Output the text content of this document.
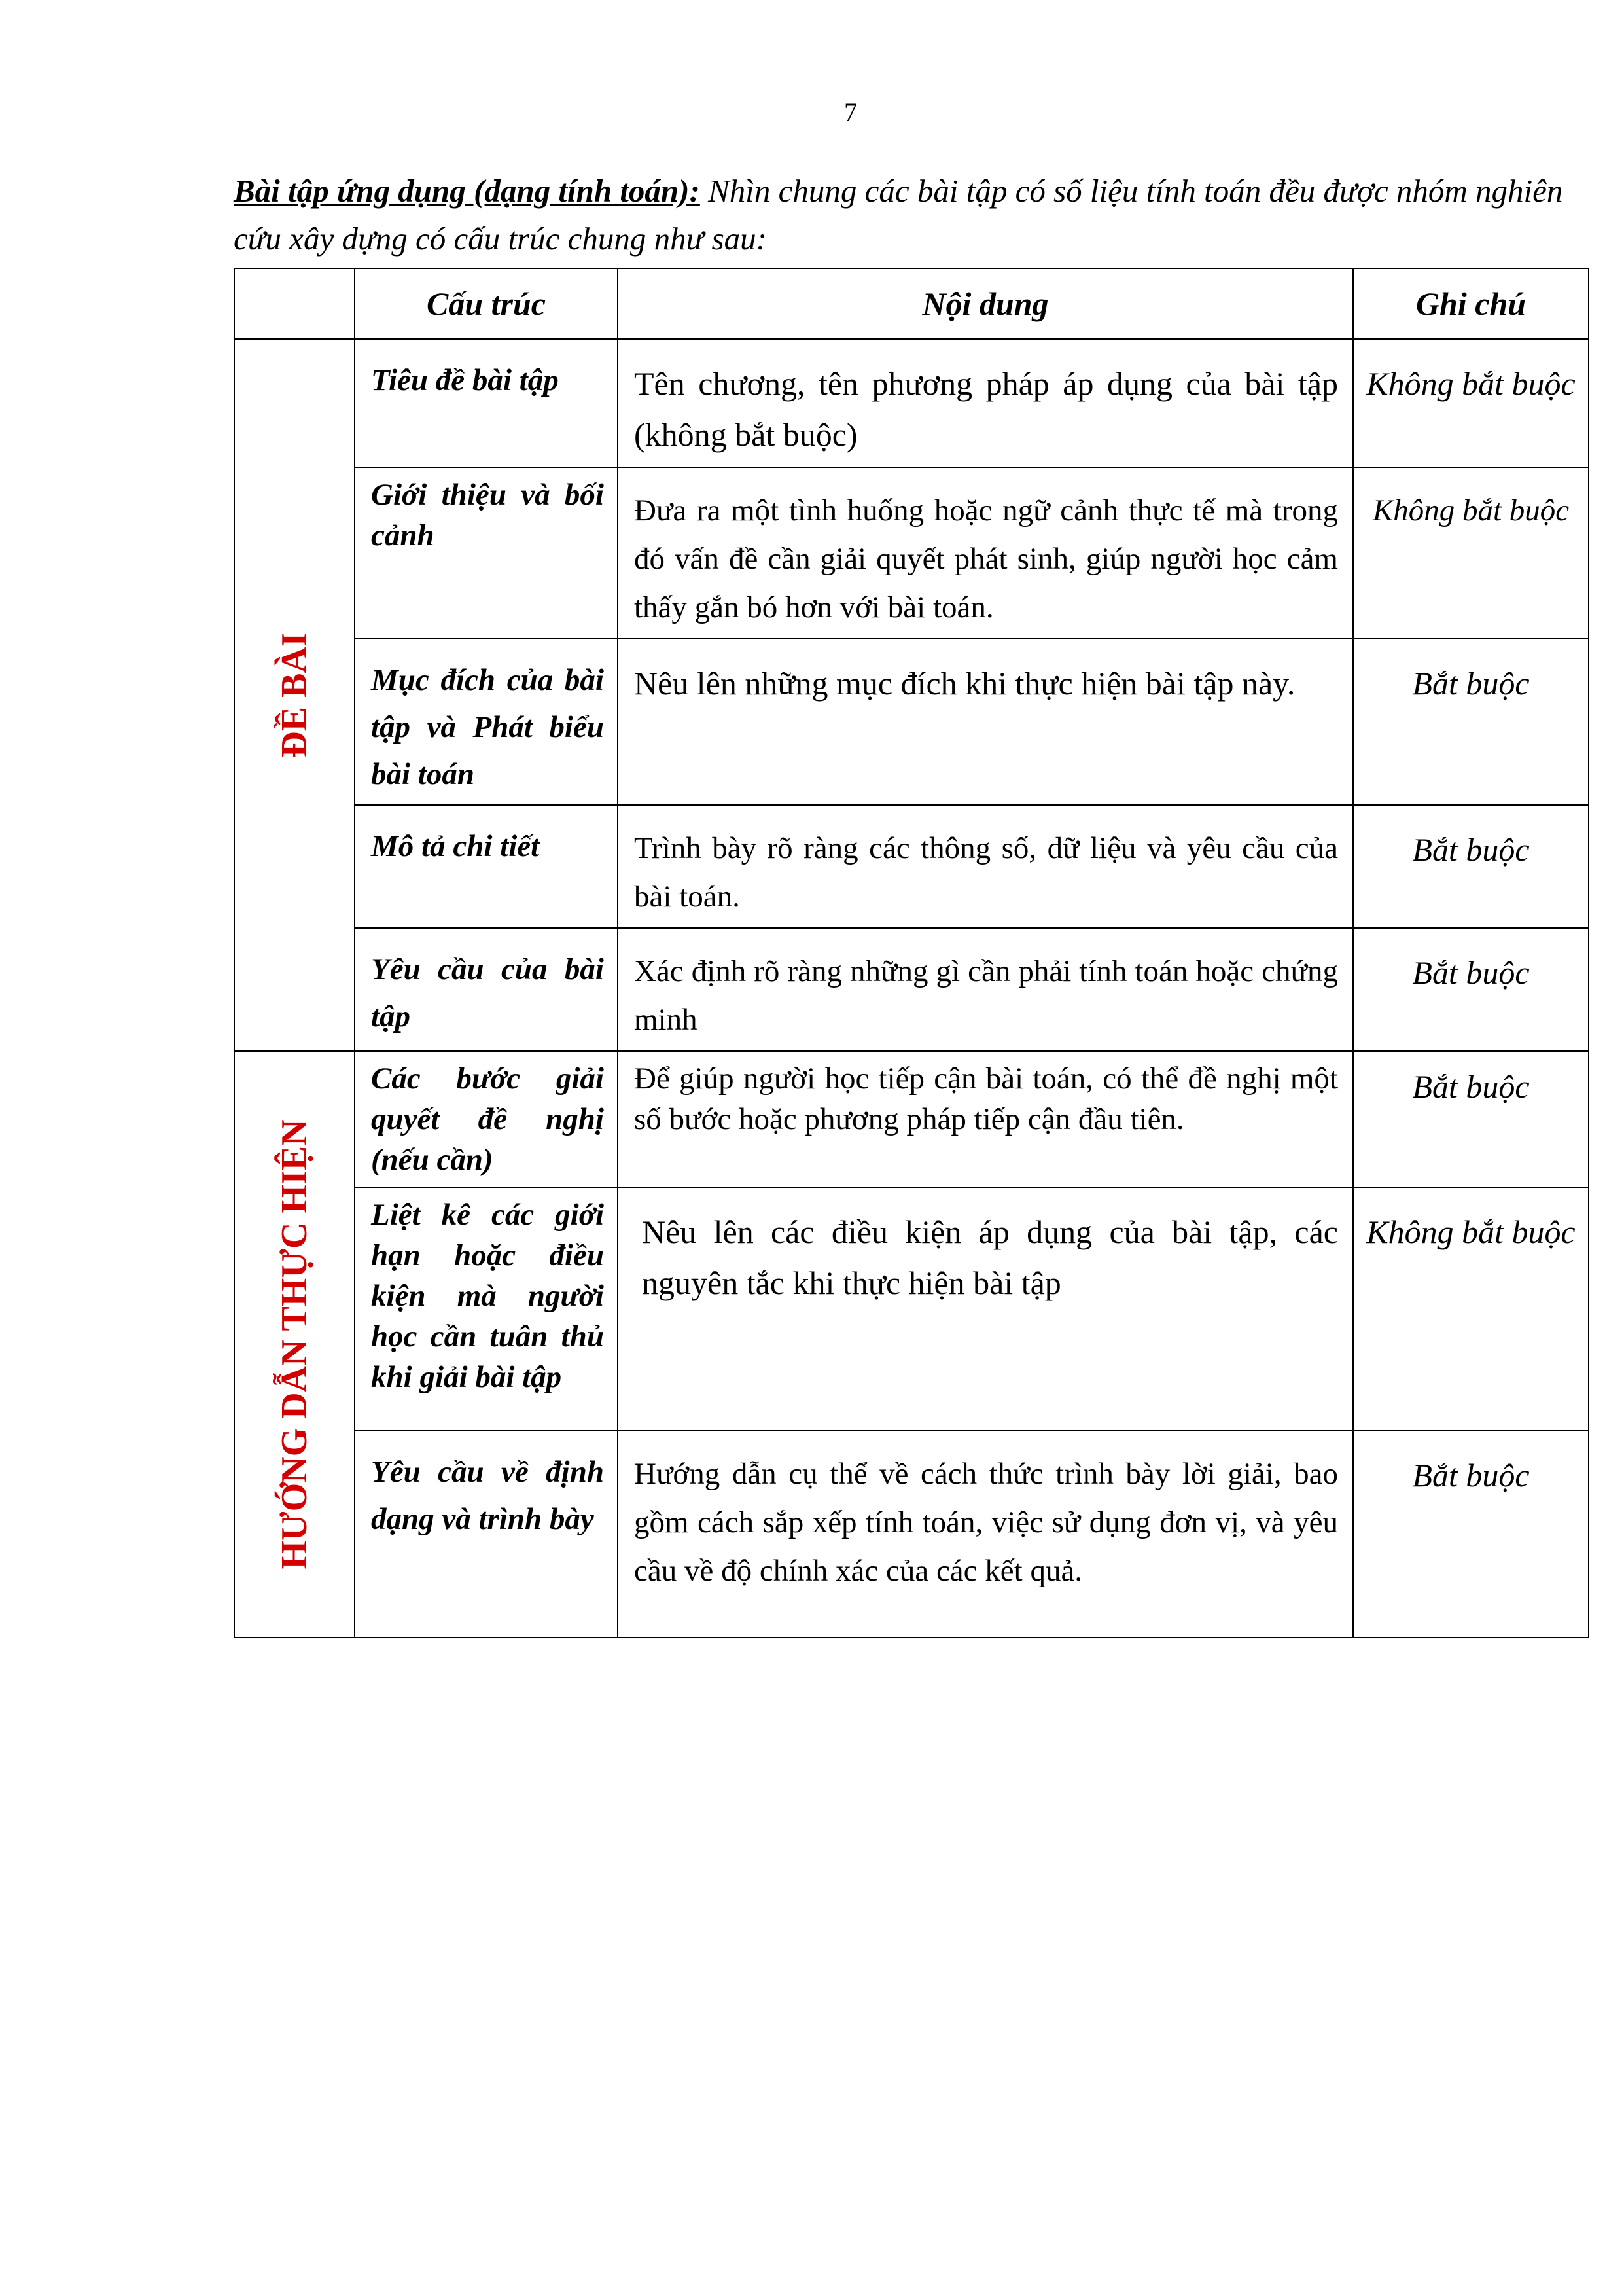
7

Bài tập ứng dụng (dạng tính toán): Nhìn chung các bài tập có số liệu tính toán đều được nhóm nghiên cứu xây dựng có cấu trúc chung như sau:

	Cấu trúc	Nội dung	Ghi chú

ĐỀ BÀI	Tiêu đề bài tập	Tên chương, tên phương pháp áp dụng của bài tập (không bắt buộc)	Không bắt buộc
	Giới thiệu và bối cảnh	Đưa ra một tình huống hoặc ngữ cảnh thực tế mà trong đó vấn đề cần giải quyết phát sinh, giúp người học cảm thấy gắn bó hơn với bài toán.	Không bắt buộc
	Mục đích của bài tập và Phát biểu bài toán	Nêu lên những mục đích khi thực hiện bài tập này.	Bắt buộc
	Mô tả chi tiết	Trình bày rõ ràng các thông số, dữ liệu và yêu cầu của bài toán.	Bắt buộc
	Yêu cầu của bài tập	Xác định rõ ràng những gì cần phải tính toán hoặc chứng minh	Bắt buộc

HƯỚNG DẪN THỰC HIỆN	Các bước giải quyết đề nghị (nếu cần)	Để giúp người học tiếp cận bài toán, có thể đề nghị một số bước hoặc phương pháp tiếp cận đầu tiên.	Bắt buộc
	Liệt kê các giới hạn hoặc điều kiện mà người học cần tuân thủ khi giải bài tập	Nêu lên các điều kiện áp dụng của bài tập, các nguyên tắc khi thực hiện bài tập	Không bắt buộc
	Yêu cầu về định dạng và trình bày	Hướng dẫn cụ thể về cách thức trình bày lời giải, bao gồm cách sắp xếp tính toán, việc sử dụng đơn vị, và yêu cầu về độ chính xác của các kết quả.	Bắt buộc
